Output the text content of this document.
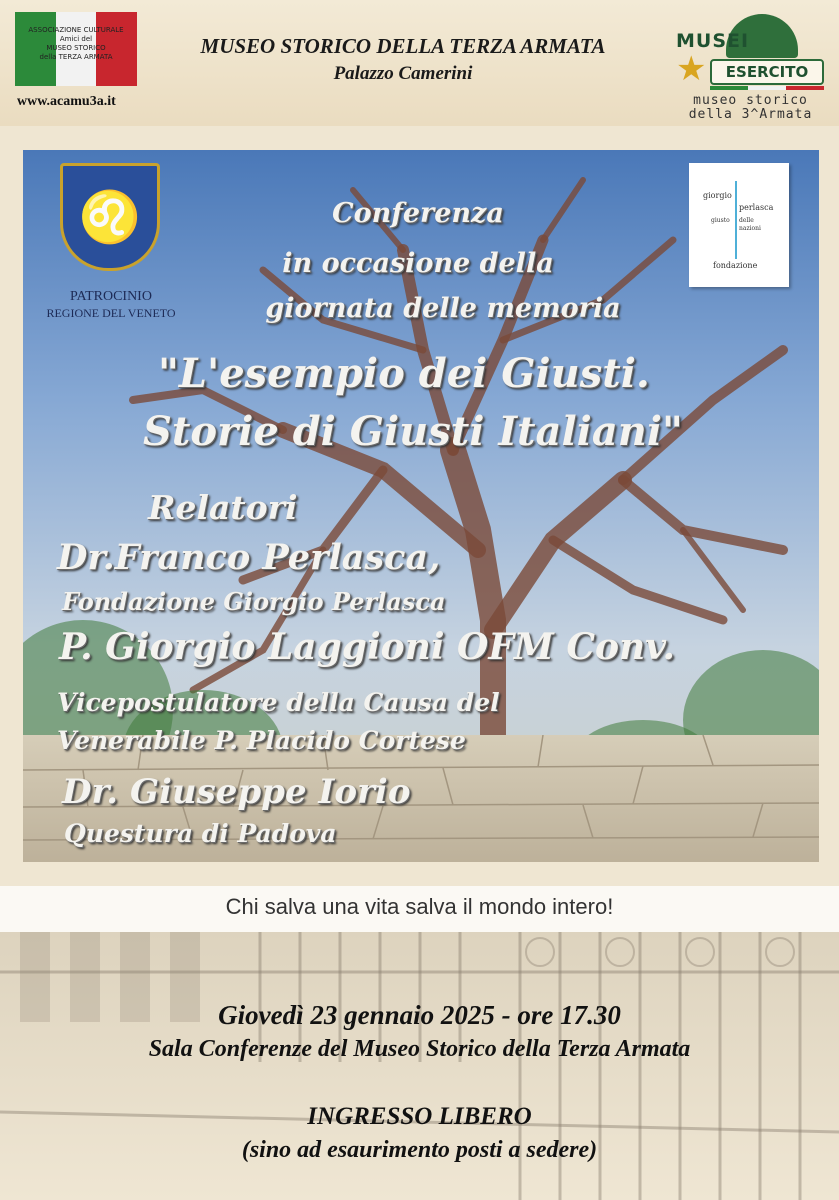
ASSOCIAZIONE CULTURALE
Amici del
MUSEO STORICO
della TERZA ARMATA
www.acamu3a.it
MUSEO STORICO DELLA TERZA ARMATA
Palazzo Camerini
MUSEI
★	ESERCITO
museo storico
della 3^Armata
♌
PATROCINIO
REGIONE DEL VENETO
giorgio
perlasca
giusto delle
nazioni
fondazione
Conferenza
in occasione della
giornata delle memoria
"L'esempio dei Giusti.
Storie di Giusti Italiani"
Relatori
Dr.Franco Perlasca,
Fondazione Giorgio Perlasca
P. Giorgio Laggioni OFM Conv.
Vicepostulatore della Causa del
Venerabile P. Placido Cortese
Dr. Giuseppe Iorio
Questura di Padova
Chi salva una vita salva il mondo intero!
Giovedì 23 gennaio 2025 - ore 17.30
Sala Conferenze del Museo Storico della Terza Armata
INGRESSO LIBERO
(sino ad esaurimento posti a sedere)
